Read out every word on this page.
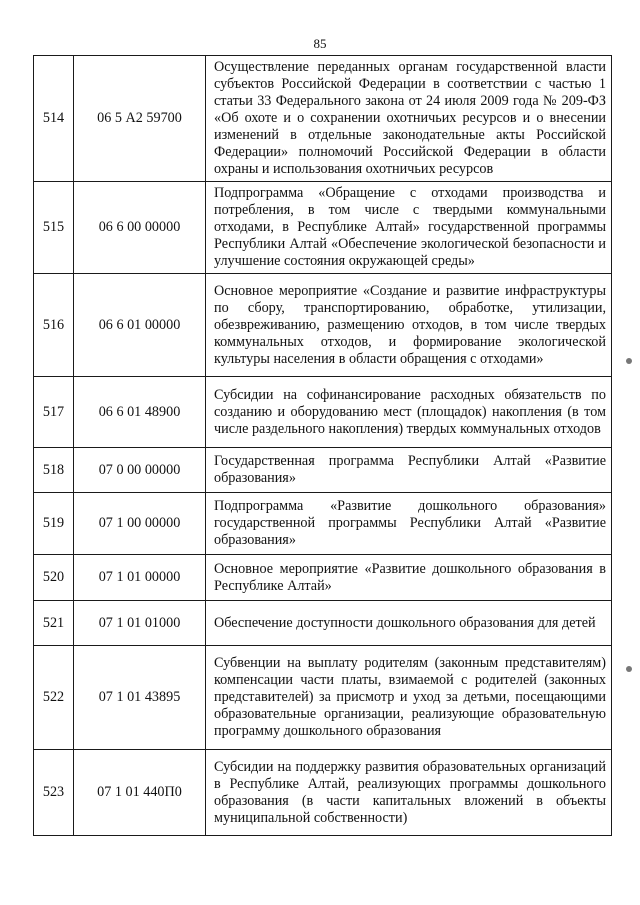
85
514	06 5 А2 59700	Осуществление переданных органам государственной власти субъектов Российской Федерации в соответствии с частью 1 статьи 33 Федерального закона от 24 июля 2009 года № 209-ФЗ «Об охоте и о сохранении охотничьих ресурсов и о внесении изменений в отдельные законодательные акты Российской Федерации» полномочий Российской Федерации в области охраны и использования охотничьих ресурсов
515	06 6 00 00000	Подпрограмма «Обращение с отходами производства и потребления, в том числе с твердыми коммунальными отходами, в Республике Алтай» государственной программы Республики Алтай «Обеспечение экологической безопасности и улучшение состояния окружающей среды»
516	06 6 01 00000	Основное мероприятие «Создание и развитие инфраструктуры по сбору, транспортированию, обработке, утилизации, обезвреживанию, размещению отходов, в том числе твердых коммунальных отходов, и формирование экологической культуры населения в области обращения с отходами»
517	06 6 01 48900	Субсидии на софинансирование расходных обязательств по созданию и оборудованию мест (площадок) накопления (в том числе раздельного накопления) твердых коммунальных отходов
518	07 0 00 00000	Государственная программа Республики Алтай «Развитие образования»
519	07 1 00 00000	Подпрограмма «Развитие дошкольного образования» государственной программы Республики Алтай «Развитие образования»
520	07 1 01 00000	Основное мероприятие «Развитие дошкольного образования в Республике Алтай»
521	07 1 01 01000	Обеспечение доступности дошкольного образования для детей
522	07 1 01 43895	Субвенции на выплату родителям (законным представителям) компенсации части платы, взимаемой с родителей (законных представителей) за присмотр и уход за детьми, посещающими образовательные организации, реализующие образовательную программу дошкольного образования
523	07 1 01 440П0	Субсидии на поддержку развития образовательных организаций в Республике Алтай, реализующих программы дошкольного образования (в части капитальных вложений в объекты муниципальной собственности)
